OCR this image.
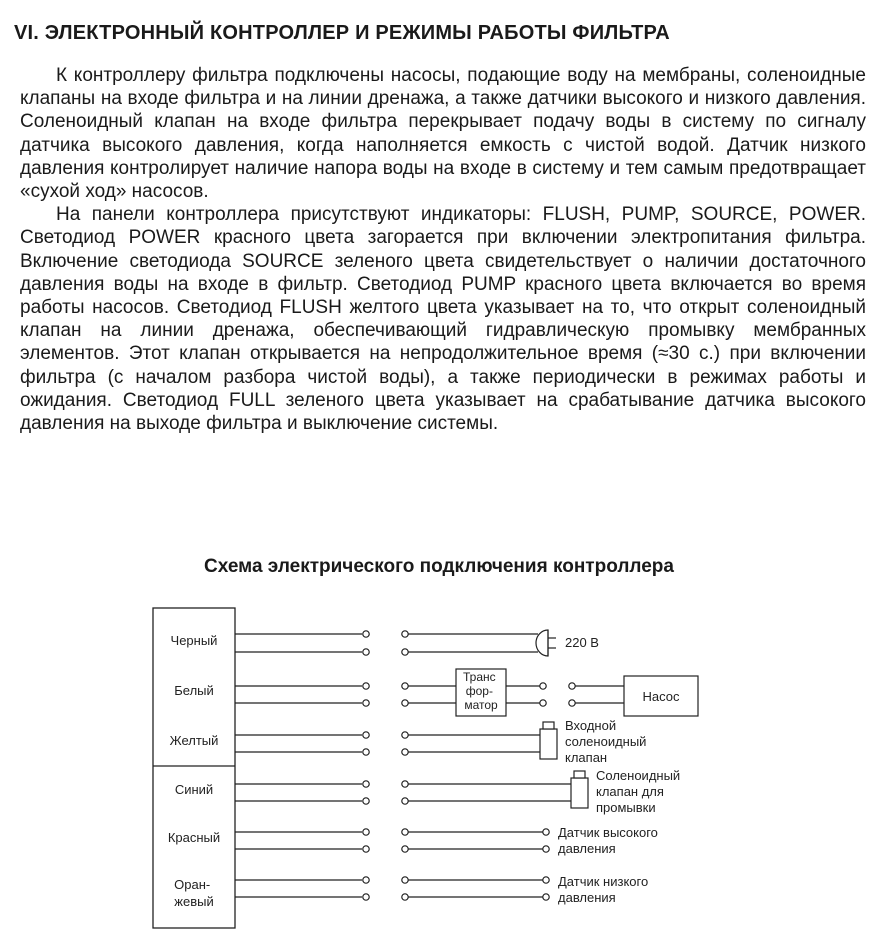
VI. ЭЛЕКТРОННЫЙ КОНТРОЛЛЕР И РЕЖИМЫ РАБОТЫ ФИЛЬТРА

К контроллеру фильтра подключены насосы, подающие воду на мембраны, соленоидные клапаны на входе фильтра и на линии дренажа, а также датчики высокого и низкого давления. Соленоидный клапан на входе фильтра перекрывает подачу воды в систему по сигналу датчика высокого давления, когда наполняется емкость с чистой водой. Датчик низкого давления контролирует наличие напора воды на входе в систему и тем самым предотвращает «сухой ход» насосов.

На панели контроллера присутствуют индикаторы: FLUSH, PUMP, SOURCE, POWER. Светодиод POWER красного цвета загорается при включении электропитания фильтра. Включение светодиода SOURCE зеленого цвета свидетельствует о наличии достаточного давления воды на входе в фильтр. Светодиод PUMP красного цвета включается во время работы насосов. Светодиод FLUSH желтого цвета указывает на то, что открыт соленоидный клапан на линии дренажа, обеспечивающий гидравлическую промывку мембранных элементов. Этот клапан открывается на непродолжительное время (≈30 с.) при включении фильтра (с началом разбора чистой воды), а также периодически в режимах работы и ожидания. Светодиод FULL зеленого цвета указывает на срабатывание датчика высокого давления на выходе фильтра и выключение системы.

Схема электрического подключения контроллера
Черный
Белый
Желтый
Синий
Красный
Оран- жевый
220 В
Транс фор- матор
Насос
Входной соленоидный клапан
Соленоидный клапан для промывки
Датчик высокого давления
Датчик низкого давления
